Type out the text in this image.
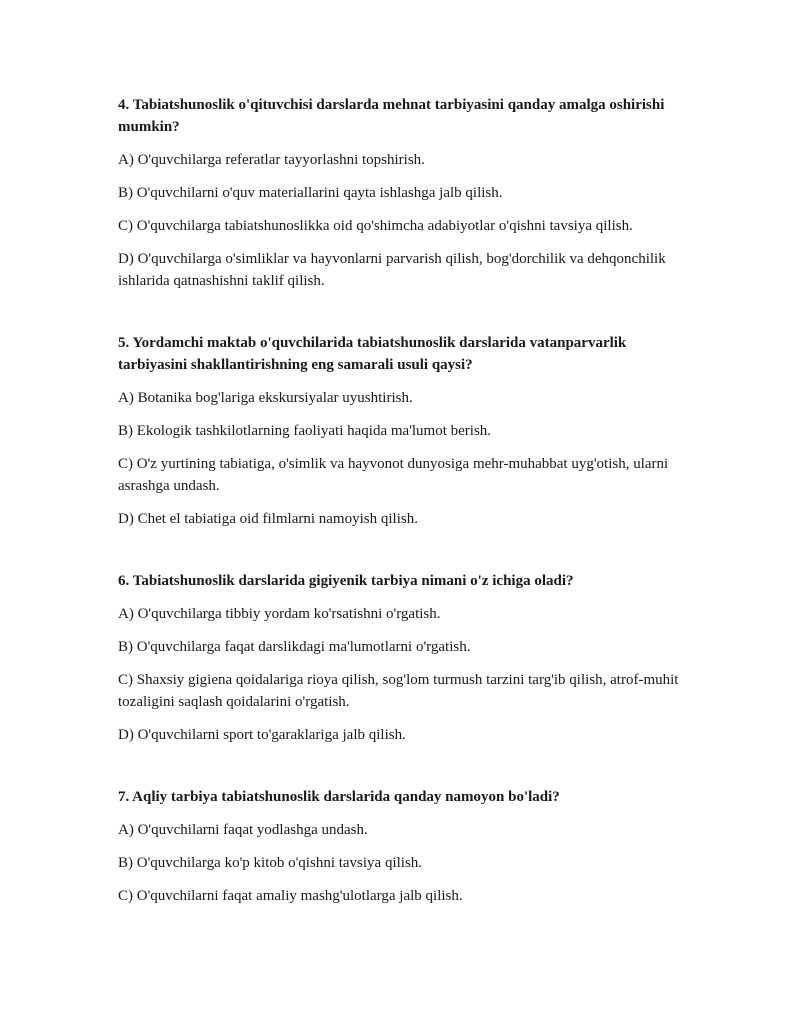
4. Tabiatshunoslik o'qituvchisi darslarda mehnat tarbiyasini qanday amalga oshirishi mumkin?

A) O'quvchilarga referatlar tayyorlashni topshirish.

B) O'quvchilarni o'quv materiallarini qayta ishlashga jalb qilish.

C) O'quvchilarga tabiatshunoslikka oid qo'shimcha adabiyotlar o'qishni tavsiya qilish.

D) O'quvchilarga o'simliklar va hayvonlarni parvarish qilish, bog'dorchilik va dehqonchilik ishlarida qatnashishni taklif qilish.

5. Yordamchi maktab o'quvchilarida tabiatshunoslik darslarida vatanparvarlik tarbiyasini shakllantirishning eng samarali usuli qaysi?

A) Botanika bog'lariga ekskursiyalar uyushtirish.

B) Ekologik tashkilotlarning faoliyati haqida ma'lumot berish.

C) O'z yurtining tabiatiga, o'simlik va hayvonot dunyosiga mehr-muhabbat uyg'otish, ularni asrashga undash.

D) Chet el tabiatiga oid filmlarni namoyish qilish.

6. Tabiatshunoslik darslarida gigiyenik tarbiya nimani o'z ichiga oladi?

A) O'quvchilarga tibbiy yordam ko'rsatishni o'rgatish.

B) O'quvchilarga faqat darslikdagi ma'lumotlarni o'rgatish.

C) Shaxsiy gigiena qoidalariga rioya qilish, sog'lom turmush tarzini targ'ib qilish, atrof-muhit tozaligini saqlash qoidalarini o'rgatish.

D) O'quvchilarni sport to'garaklariga jalb qilish.

7. Aqliy tarbiya tabiatshunoslik darslarida qanday namoyon bo'ladi?

A) O'quvchilarni faqat yodlashga undash.

B) O'quvchilarga ko'p kitob o'qishni tavsiya qilish.

C) O'quvchilarni faqat amaliy mashg'ulotlarga jalb qilish.
